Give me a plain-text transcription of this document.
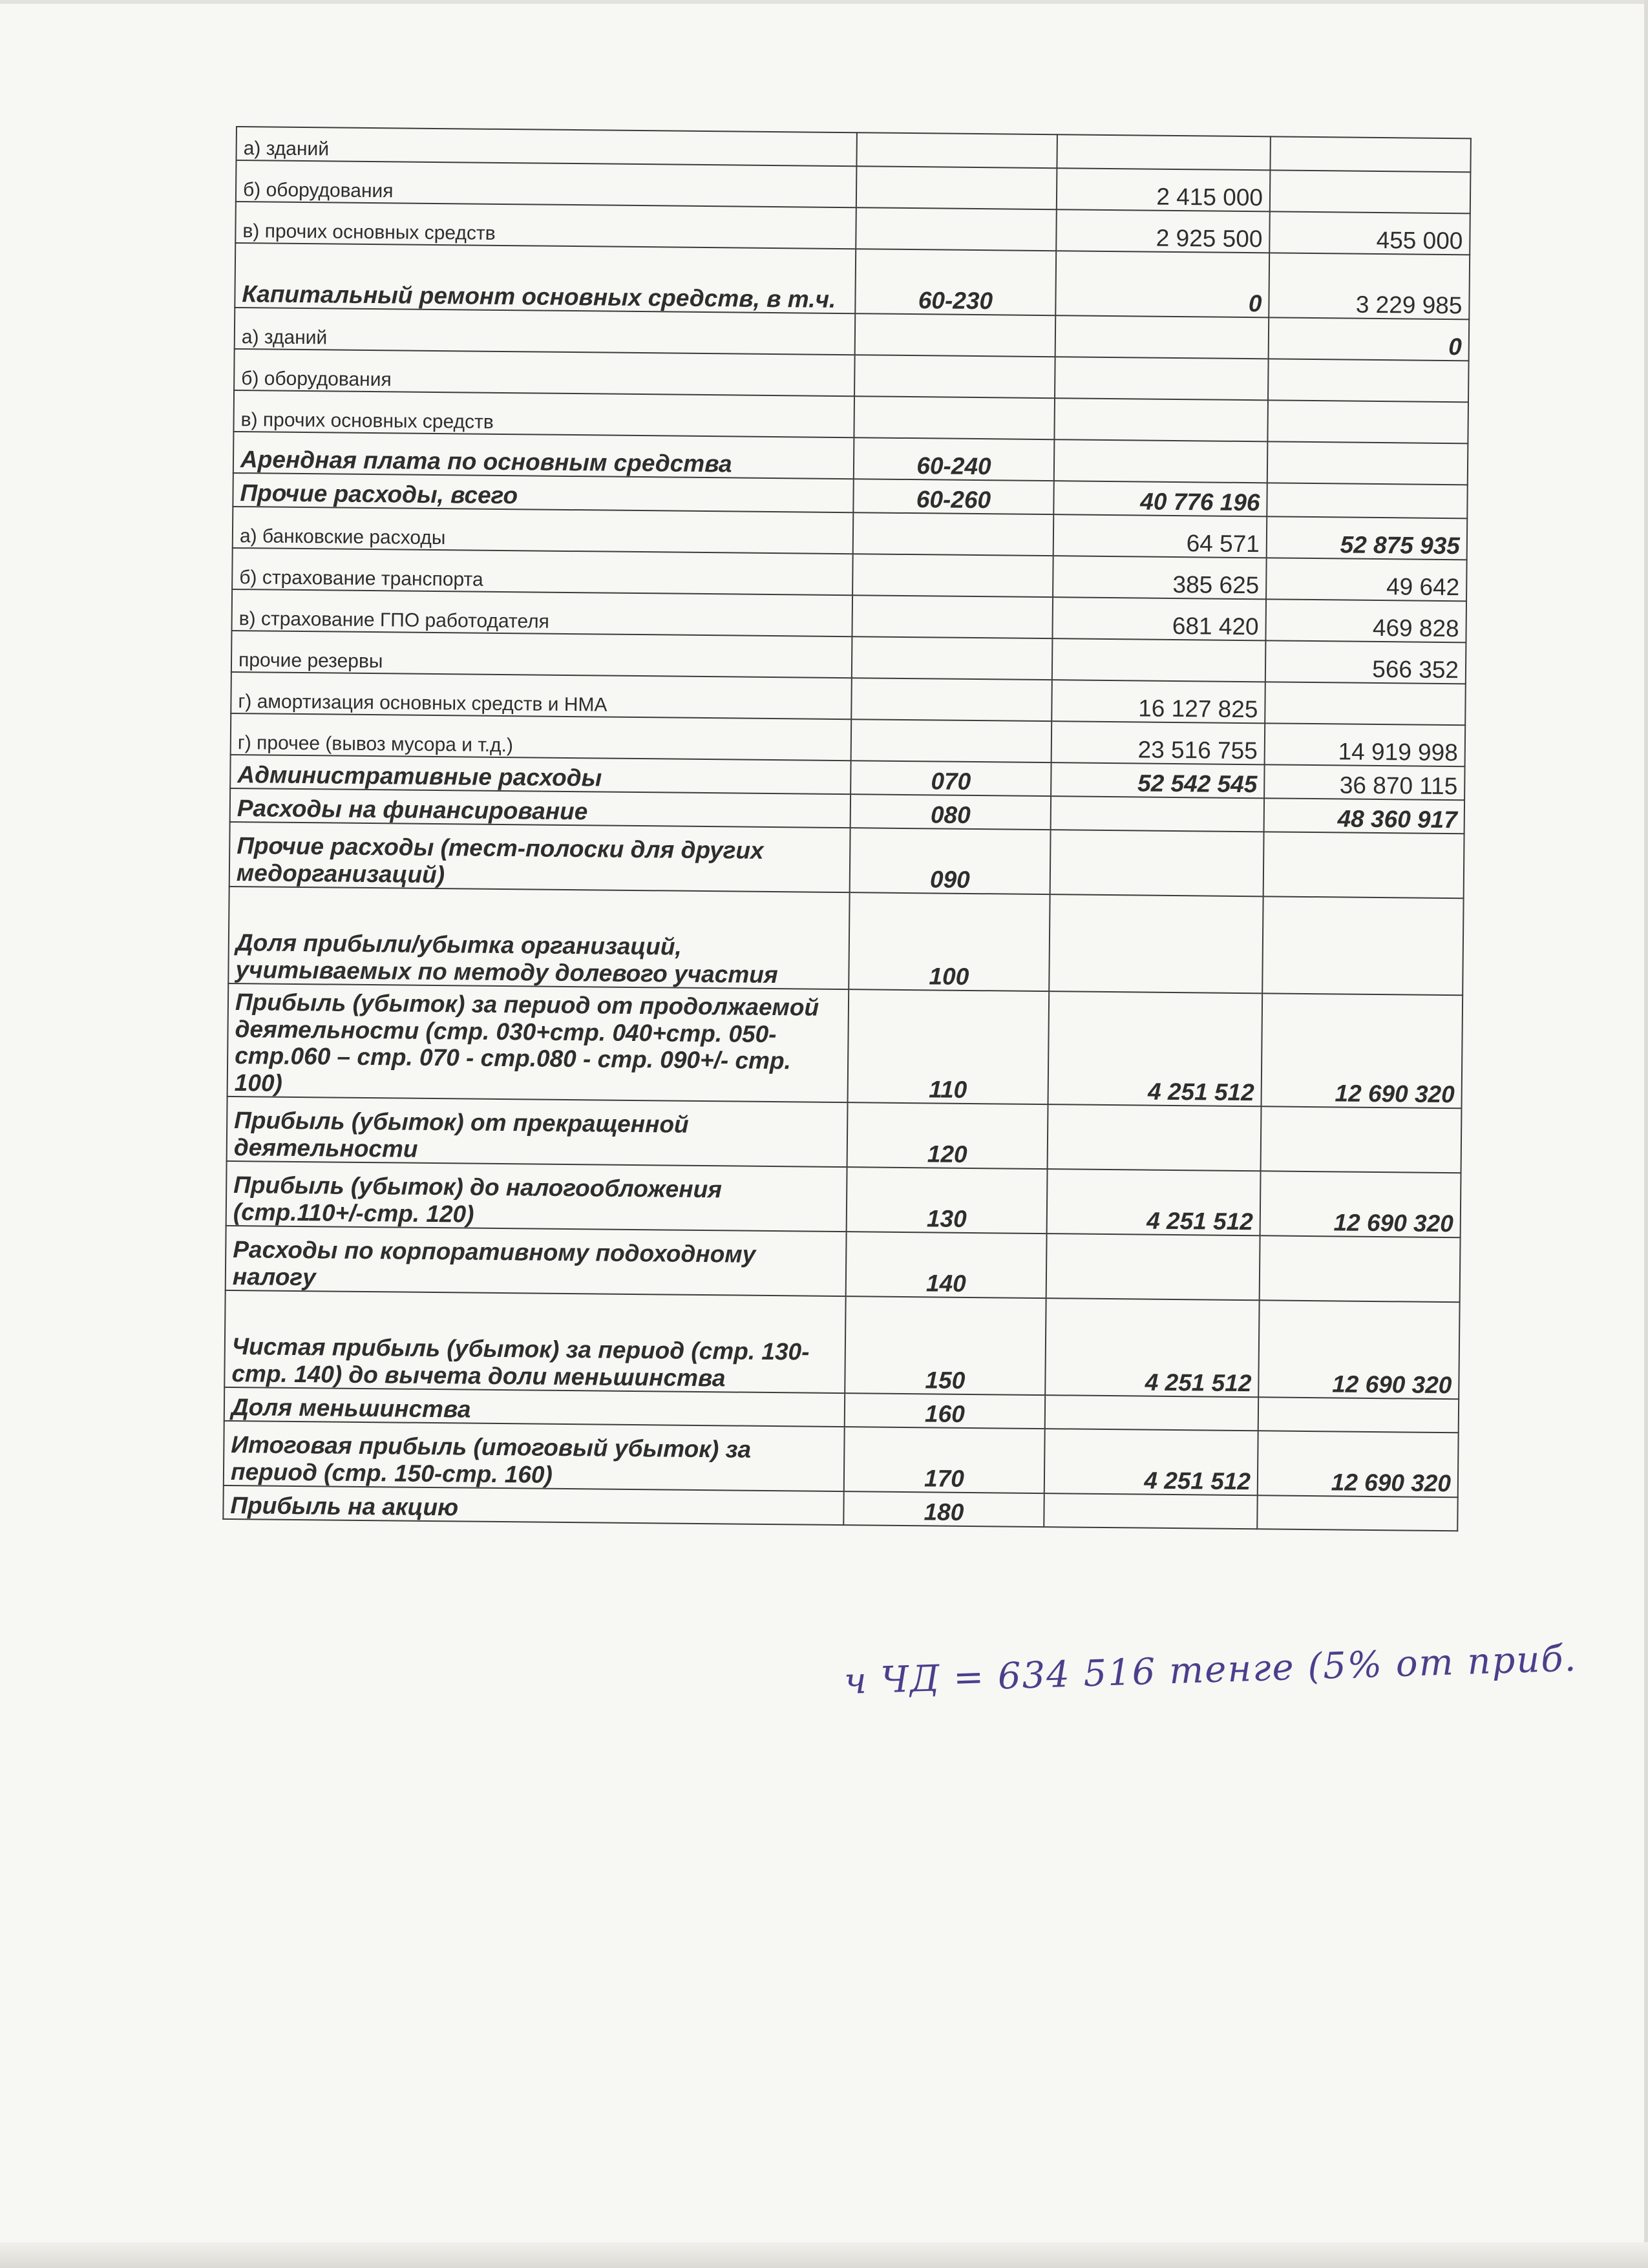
а) зданий			
б) оборудования		2 415 000	
в) прочих основных средств		2 925 500	455 000
Капитальный ремонт основных средств, в т.ч.	60-230	0	3 229 985
а) зданий			0
б) оборудования			
в) прочих основных средств			
Арендная плата по основным средства	60-240		
Прочие расходы, всего	60-260	40 776 196	
а) банковские расходы		64 571	52 875 935
б) страхование транспорта		385 625	49 642
в) страхование ГПО работодателя		681 420	469 828
прочие резервы			566 352
г) амортизация основных средств и НМА		16 127 825	
г) прочее (вывоз мусора и т.д.)		23 516 755	14 919 998
Административные расходы	070	52 542 545	36 870 115
Расходы на финансирование	080		48 360 917
Прочие расходы (тест-полоски для других медорганизаций)	090		
Доля прибыли/убытка организаций, учитываемых по методу долевого участия	100		
Прибыль (убыток) за период от продолжаемой деятельности (стр. 030+стр. 040+стр. 050-стр.060 – стр. 070 - стр.080 - стр. 090+/- стр. 100)	110	4 251 512	12 690 320
Прибыль (убыток) от прекращенной деятельности	120		
Прибыль (убыток) до налогообложения (стр.110+/-стр. 120)	130	4 251 512	12 690 320
Расходы по корпоративному подоходному налогу	140		
Чистая прибыль (убыток) за период (стр. 130-стр. 140) до вычета доли меньшинства	150	4 251 512	12 690 320
Доля меньшинства	160		
Итоговая прибыль (итоговый убыток) за период (стр. 150-стр. 160)	170	4 251 512	12 690 320
Прибыль на акцию	180		
ч ЧД = 634 516 тенге (5% от приб.
